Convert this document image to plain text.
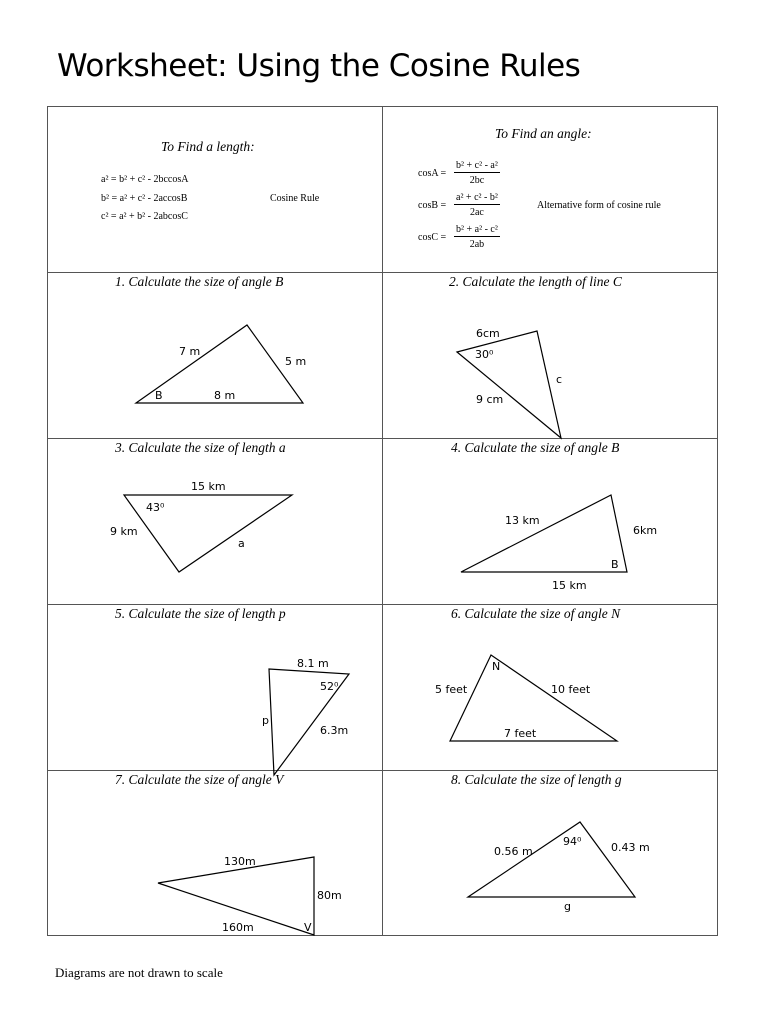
Worksheet: Using the Cosine Rules
To Find a length:
a² = b² + c² - 2bccosA
b² = a² + c² - 2accosB
c² = a² + b² - 2abcosC
Cosine Rule
To Find an angle:
$\cos A = \frac{\text{b² + c² - a²}}{2bc}$
$\cos B = \frac{\text{a² + c² - b²}}{2ac}$
$\cos C = \frac{\text{b² + a² - c²}}{2ab}$
Alternative form of cosine rule
1. Calculate the size of angle B	2. Calculate the length of line C
3. Calculate the size of length a	4. Calculate the size of angle B
5. Calculate the size of length p	6. Calculate the size of angle N
7. Calculate the size of angle V	8. Calculate the size of length g
7 m
5 m
B	8 m
6cm
30⁰
c
9 cm
15 km
43⁰
9 km
a
13 km
6km
B
15 km
8.1 m
52⁰
p
6.3m
N
5 feet	10 feet
7 feet
130m
80m
160m	V
94⁰
0.56 m	0.43 m
g
Diagrams are not drawn to scale
